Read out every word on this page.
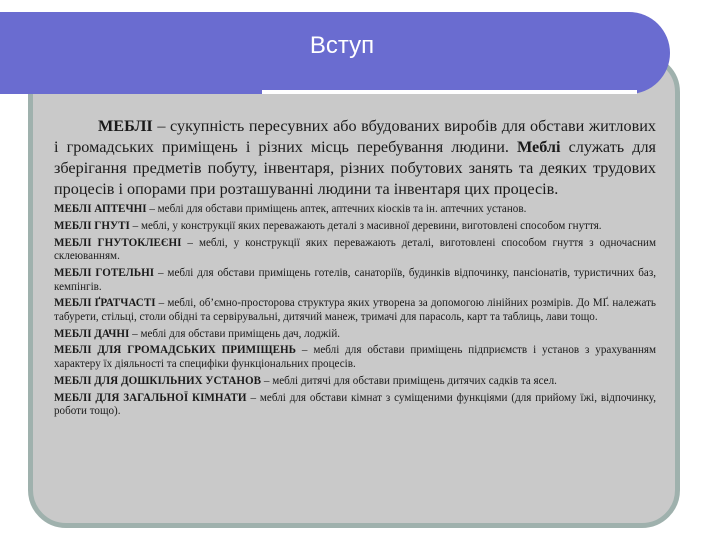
Вступ

МЕБЛІ – сукупність пересувних або вбудованих виробів для обстави житлових і громадських приміщень і різних місць перебування людини. Меблі служать для зберігання предметів побуту, інвентаря, різних побутових занять та деяких трудових процесів і опорами при розташуванні людини та інвентаря цих процесів.

МЕБЛІ АПТЕЧНІ – меблі для обстави приміщень аптек, аптечних кіосків та ін. аптечних установ.

МЕБЛІ ГНУТІ – меблі, у конструкції яких переважають деталі з масивної деревини, виготовлені способом гнуття.

МЕБЛІ ГНУТОКЛЕЄНІ – меблі, у конструкції яких переважають деталі, виготовлені способом гнуття з одночасним склеюванням.

МЕБЛІ ГОТЕЛЬНІ – меблі для обстави приміщень готелів, санаторіїв, будинків відпочинку, пансіонатів, туристичних баз, кемпінгів.

МЕБЛІ ҐРАТЧАСТІ – меблі, об’ємно-просторова структура яких утворена за допомогою лінійних розмірів. До МҐ. належать табурети, стільці, столи обідні та сервірувальні, дитячий манеж, тримачі для парасоль, карт та таблиць, лави тощо.

МЕБЛІ ДАЧНІ – меблі для обстави приміщень дач, лоджій.

МЕБЛІ ДЛЯ ГРОМАДСЬКИХ ПРИМІЩЕНЬ – меблі для обстави приміщень підприємств і установ з урахуванням характеру їх діяльності та специфіки функціональних процесів.

МЕБЛІ ДЛЯ ДОШКІЛЬНИХ УСТАНОВ – меблі дитячі для обстави приміщень дитячих садків та ясел.

МЕБЛІ ДЛЯ ЗАГАЛЬНОЇ КІМНАТИ – меблі для обстави кімнат з суміщеними функціями (для прийому їжі, відпочинку, роботи тощо).
